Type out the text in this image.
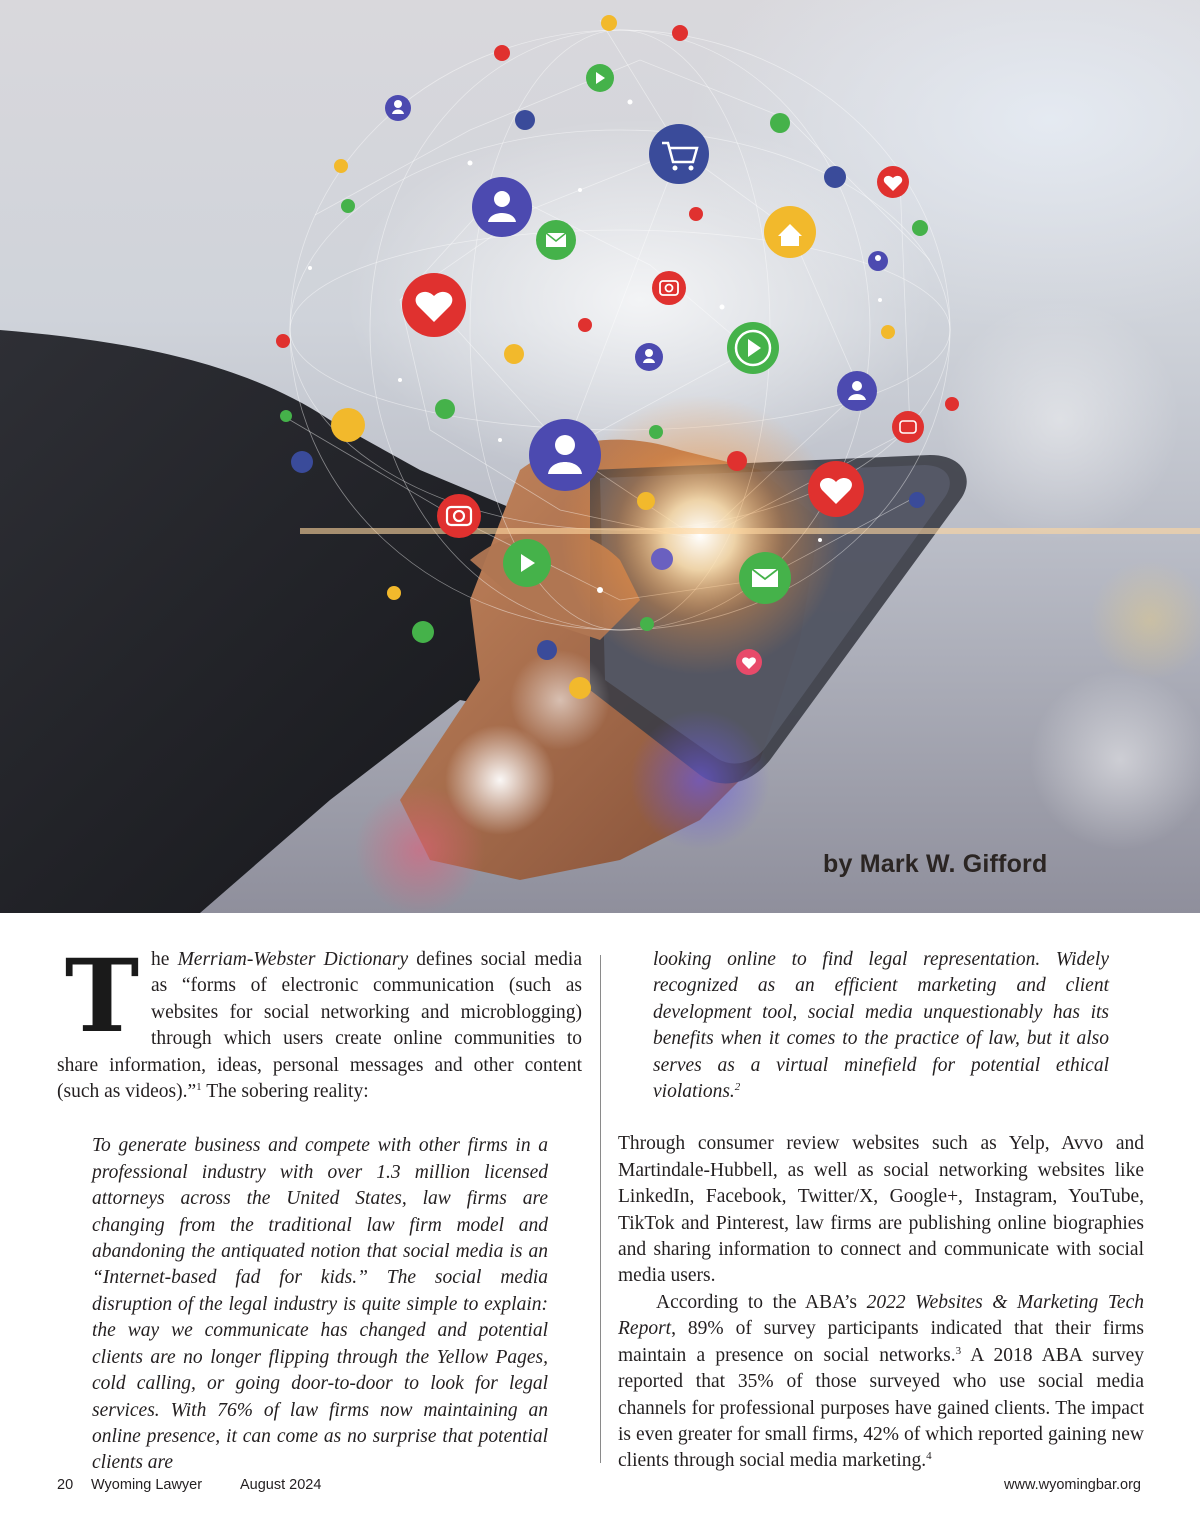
by Mark W. Gifford

The Merriam-Webster Dictionary defines social media as “forms of electronic communication (such as websites for social networking and microblogging) through which users create online communities to share information, ideas, personal messages and other content (such as videos).”$^1$ The sobering reality:

To generate business and compete with other firms in a professional industry with over 1.3 million licensed attorneys across the United States, law firms are changing from the traditional law firm model and abandoning the antiquated notion that social media is an “Internet-based fad for kids.” The social media disruption of the legal industry is quite simple to explain: the way we communicate has changed and potential clients are no longer flipping through the Yellow Pages, cold calling, or going door-to-door to look for legal services. With 76% of law firms now maintaining an online presence, it can come as no surprise that potential clients are

looking online to find legal representation. Widely recognized as an efficient marketing and client development tool, social media unquestionably has its benefits when it comes to the practice of law, but it also serves as a virtual minefield for potential ethical violations.$^2$

Through consumer review websites such as Yelp, Avvo and Martindale-Hubbell, as well as social networking websites like LinkedIn, Facebook, Twitter/X, Google+, Instagram, YouTube, TikTok and Pinterest, law firms are publishing online biographies and sharing information to connect and communicate with social media users.

According to the ABA’s 2022 Websites & Marketing Tech Report, 89% of survey participants indicated that their firms maintain a presence on social networks.$^3$ A 2018 ABA survey reported that 35% of those surveyed who use social media channels for professional purposes have gained clients. The impact is even greater for small firms, 42% of which reported gaining new clients through social media marketing.$^4$

20 Wyoming Lawyer	August 2024	www.wyomingbar.org
